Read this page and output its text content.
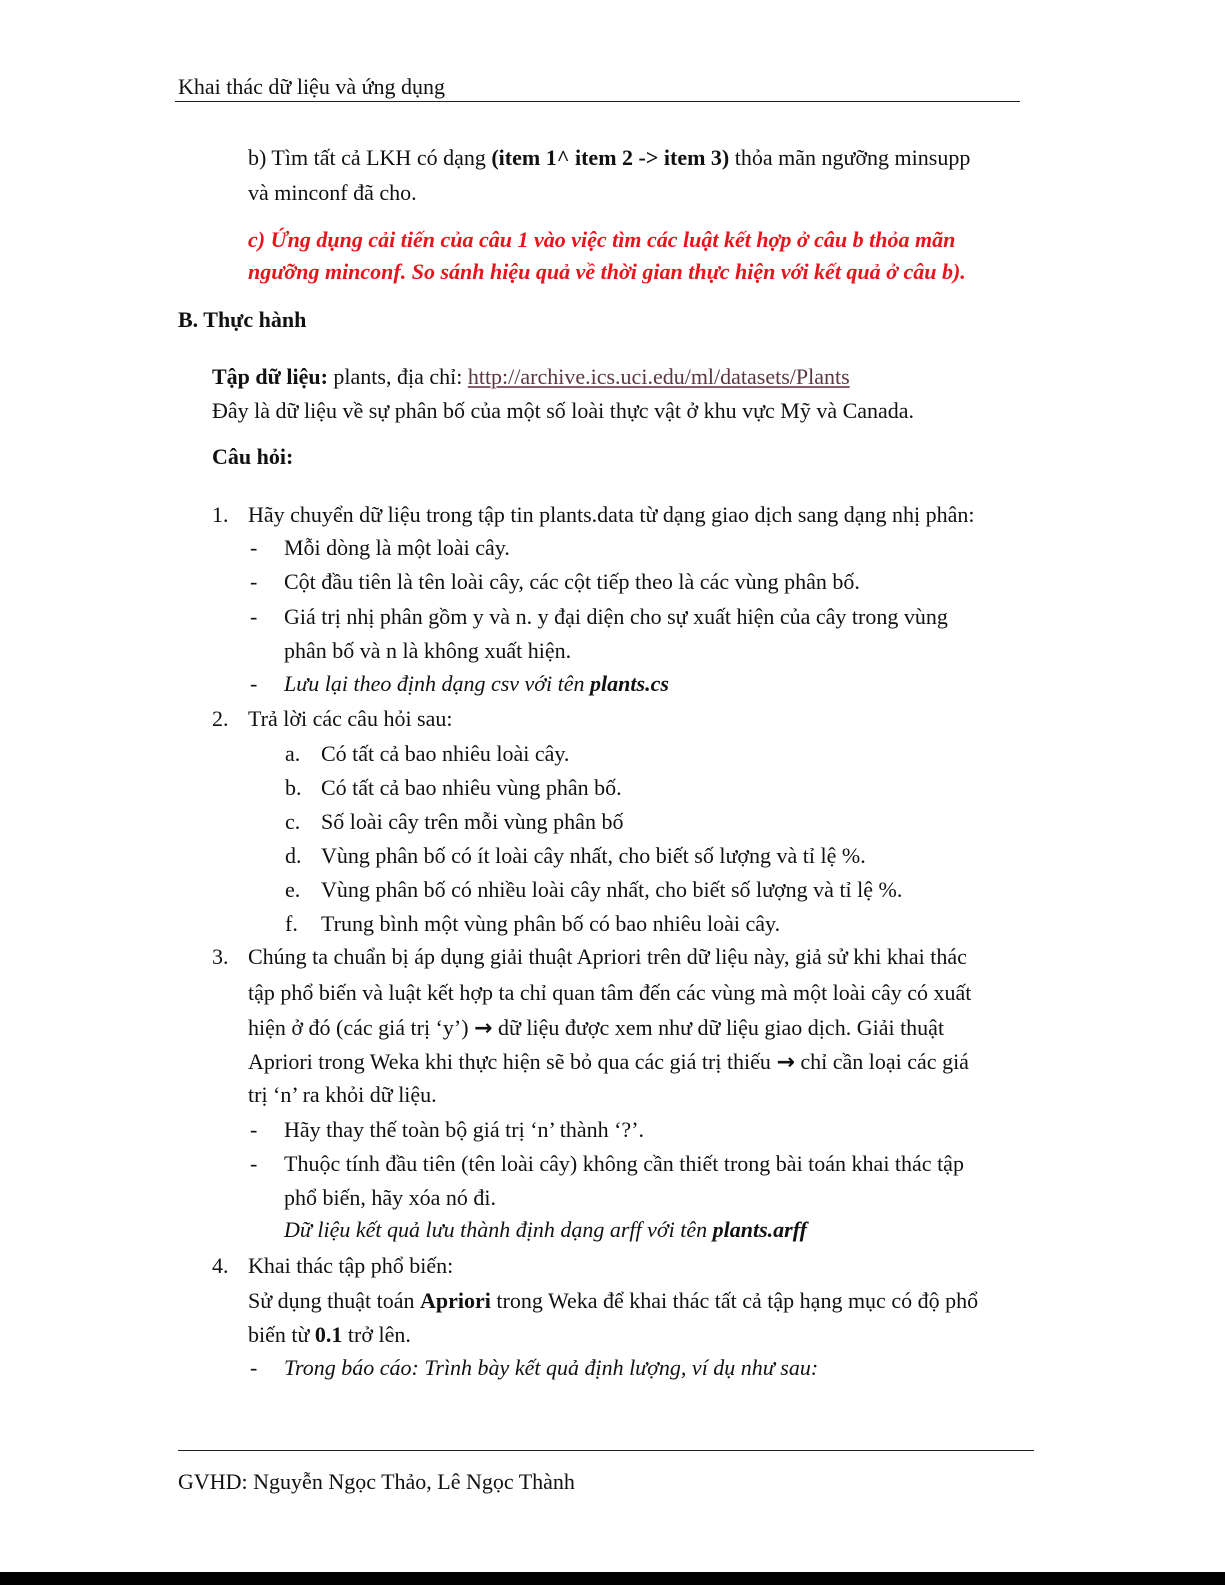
Khai thác dữ liệu và ứng dụng
b) Tìm tất cả LKH có dạng (item 1^ item 2 -> item 3) thỏa mãn ngưỡng minsupp
và minconf đã cho.
c) Ứng dụng cải tiến của câu 1 vào việc tìm các luật kết hợp ở câu b thỏa mãn
ngưỡng minconf. So sánh hiệu quả về thời gian thực hiện với kết quả ở câu b).
B. Thực hành
Tập dữ liệu: plants, địa chỉ: http://archive.ics.uci.edu/ml/datasets/Plants
Đây là dữ liệu về sự phân bố của một số loài thực vật ở khu vực Mỹ và Canada.
Câu hỏi:
1. Hãy chuyển dữ liệu trong tập tin plants.data từ dạng giao dịch sang dạng nhị phân:
- Mỗi dòng là một loài cây.
- Cột đầu tiên là tên loài cây, các cột tiếp theo là các vùng phân bố.
- Giá trị nhị phân gồm y và n. y đại diện cho sự xuất hiện của cây trong vùng
phân bố và n là không xuất hiện.
- Lưu lại theo định dạng csv với tên plants.cs
2. Trả lời các câu hỏi sau:
a. Có tất cả bao nhiêu loài cây.
b. Có tất cả bao nhiêu vùng phân bố.
c. Số loài cây trên mỗi vùng phân bố
d. Vùng phân bố có ít loài cây nhất, cho biết số lượng và tỉ lệ %.
e. Vùng phân bố có nhiều loài cây nhất, cho biết số lượng và tỉ lệ %.
f. Trung bình một vùng phân bố có bao nhiêu loài cây.
3. Chúng ta chuẩn bị áp dụng giải thuật Apriori trên dữ liệu này, giả sử khi khai thác
tập phổ biến và luật kết hợp ta chỉ quan tâm đến các vùng mà một loài cây có xuất
hiện ở đó (các giá trị ‘y’) → dữ liệu được xem như dữ liệu giao dịch. Giải thuật
Apriori trong Weka khi thực hiện sẽ bỏ qua các giá trị thiếu → chỉ cần loại các giá
trị ‘n’ ra khỏi dữ liệu.
- Hãy thay thế toàn bộ giá trị ‘n’ thành ‘?’.
- Thuộc tính đầu tiên (tên loài cây) không cần thiết trong bài toán khai thác tập
phổ biến, hãy xóa nó đi.
Dữ liệu kết quả lưu thành định dạng arff với tên plants.arff
4. Khai thác tập phổ biến:
Sử dụng thuật toán Apriori trong Weka để khai thác tất cả tập hạng mục có độ phổ
biến từ 0.1 trở lên.
- Trong báo cáo: Trình bày kết quả định lượng, ví dụ như sau:
GVHD: Nguyễn Ngọc Thảo, Lê Ngọc Thành
